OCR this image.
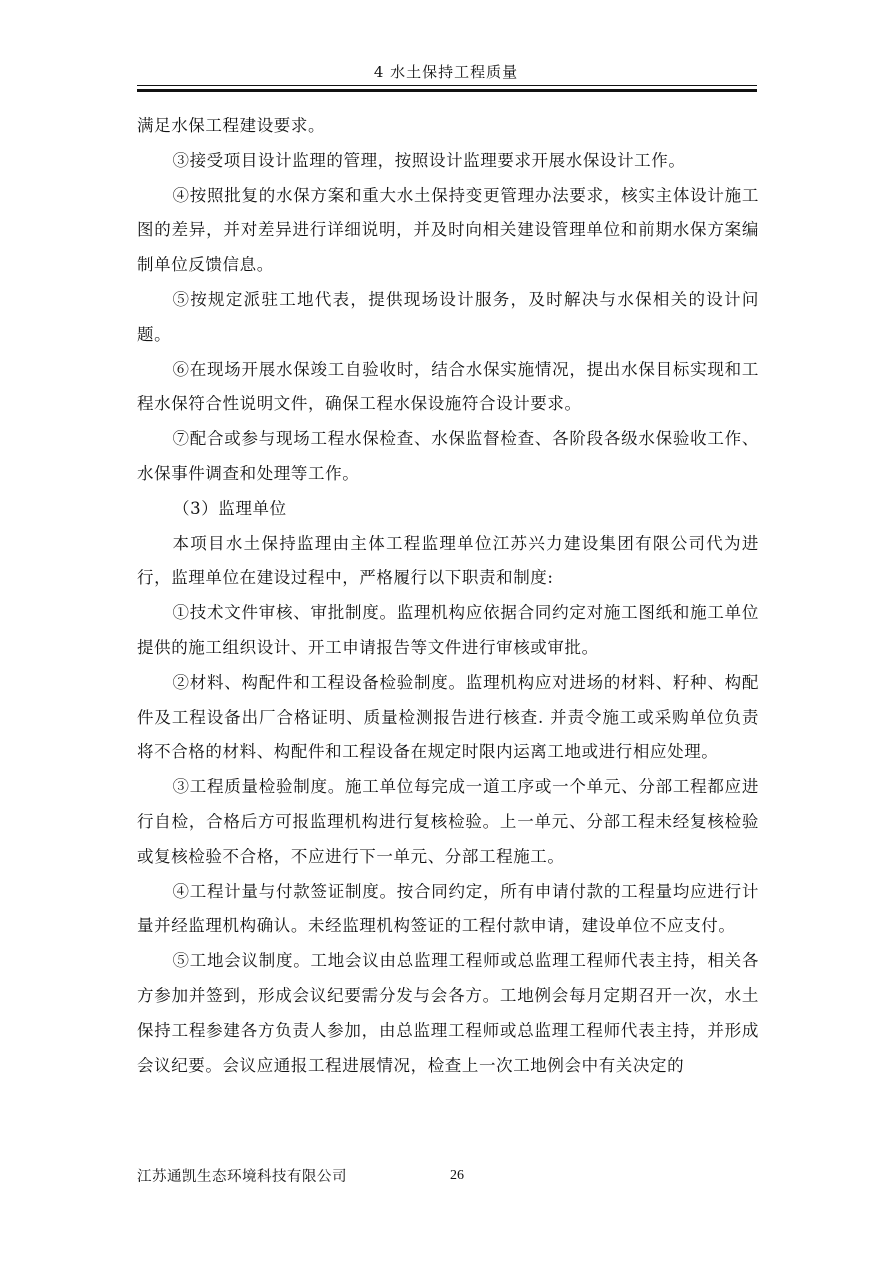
4 水土保持工程质量

满足水保工程建设要求。

③接受项目设计监理的管理，按照设计监理要求开展水保设计工作。

④按照批复的水保方案和重大水土保持变更管理办法要求，核实主体设计施工图的差异，并对差异进行详细说明，并及时向相关建设管理单位和前期水保方案编制单位反馈信息。

⑤按规定派驻工地代表，提供现场设计服务，及时解决与水保相关的设计问题。

⑥在现场开展水保竣工自验收时，结合水保实施情况，提出水保目标实现和工程水保符合性说明文件，确保工程水保设施符合设计要求。

⑦配合或参与现场工程水保检查、水保监督检查、各阶段各级水保验收工作、水保事件调查和处理等工作。

（3）监理单位

本项目水土保持监理由主体工程监理单位江苏兴力建设集团有限公司代为进行，监理单位在建设过程中，严格履行以下职责和制度:

①技术文件审核、审批制度。监理机构应依据合同约定对施工图纸和施工单位提供的施工组织设计、开工申请报告等文件进行审核或审批。

②材料、构配件和工程设备检验制度。监理机构应对进场的材料、籽种、构配件及工程设备出厂合格证明、质量检测报告进行核查. 并责令施工或采购单位负责将不合格的材料、构配件和工程设备在规定时限内运离工地或进行相应处理。

③工程质量检验制度。施工单位每完成一道工序或一个单元、分部工程都应进行自检，合格后方可报监理机构进行复核检验。上一单元、分部工程未经复核检验或复核检验不合格，不应进行下一单元、分部工程施工。

④工程计量与付款签证制度。按合同约定，所有申请付款的工程量均应进行计量并经监理机构确认。未经监理机构签证的工程付款申请，建设单位不应支付。

⑤工地会议制度。工地会议由总监理工程师或总监理工程师代表主持，相关各方参加并签到，形成会议纪要需分发与会各方。工地例会每月定期召开一次，水土保持工程参建各方负责人参加，由总监理工程师或总监理工程师代表主持，并形成会议纪要。会议应通报工程进展情况，检查上一次工地例会中有关决定的

江苏通凯生态环境科技有限公司	26
